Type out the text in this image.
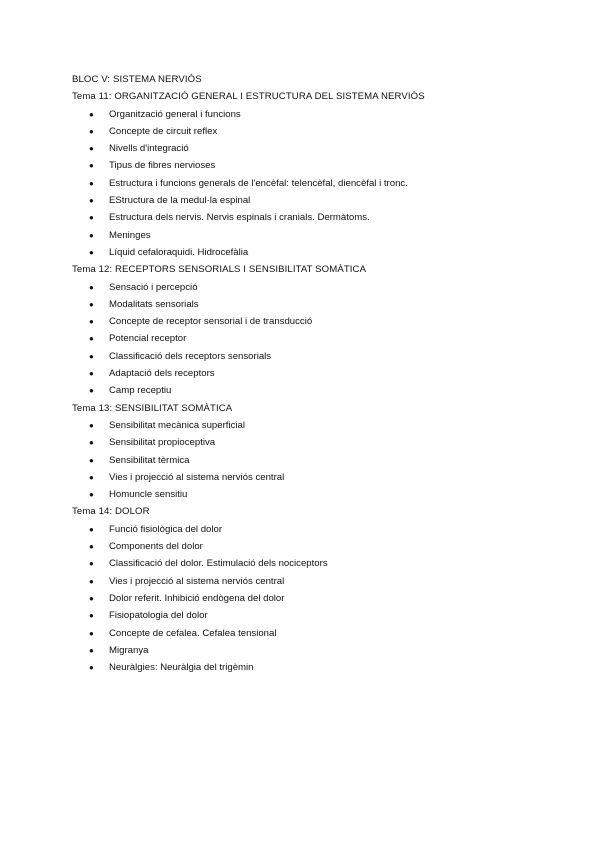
BLOC V: SISTEMA NERVIÓS
Tema 11: ORGANITZACIÓ GENERAL I ESTRUCTURA DEL SISTEMA NERVIÓS
● Organització general i funcions
● Concepte de circuit reflex
● Nivells d'integració
● Tipus de fibres nervioses
● Estructura i funcions generals de l'encèfal: telencèfal, diencèfal i tronc.
● EStructura de la medul·la espinal
● Estructura dels nervis. Nervis espinals i cranials. Dermàtoms.
● Meninges
● Líquid cefaloraquidi. Hidrocefàlia
Tema 12: RECEPTORS SENSORIALS I SENSIBILITAT SOMÀTICA
● Sensació i percepció
● Modalitats sensorials
● Concepte de receptor sensorial i de transducció
● Potencial receptor
● Classificació dels receptors sensorials
● Adaptació dels receptors
● Camp receptiu
Tema 13: SENSIBILITAT SOMÀTICA
● Sensibilitat mecànica superficial
● Sensibilitat propioceptiva
● Sensibilitat tèrmica
● Vies i projecció al sistema nerviós central
● Homuncle sensitiu
Tema 14: DOLOR
● Funció fisiològica del dolor
● Components del dolor
● Classificació del dolor. Estimulació dels nociceptors
● Vies i projecció al sistema nerviós central
● Dolor referit. Inhibició endògena del dolor
● Fisiopatologia del dolor
● Concepte de cefalea. Cefalea tensional
● Migranya
● Neuràlgies: Neuràlgia del trigèmin
